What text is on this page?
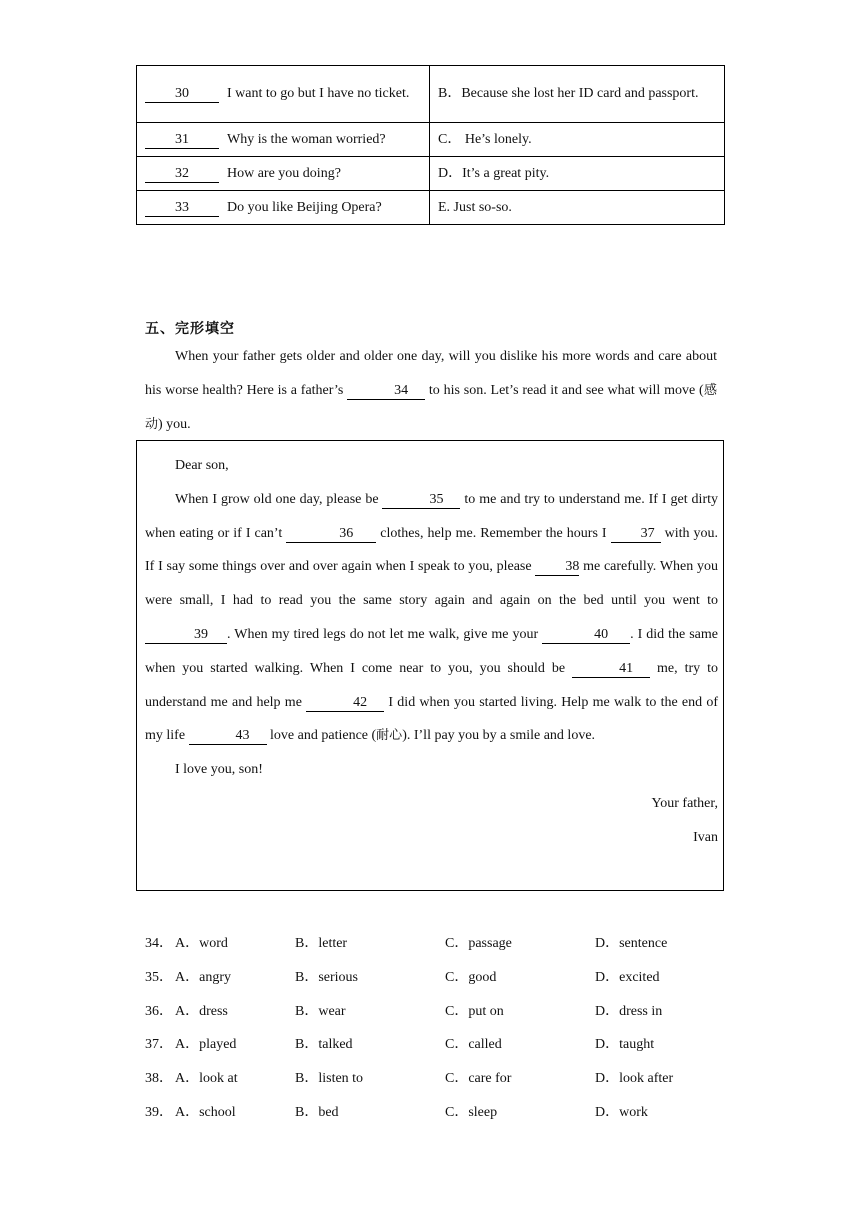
30 I want to go but I have no ticket.	B．Because she lost her ID card and passport.
31 Why is the woman worried?	C． He’s lonely.
32 How are you doing?	D．It’s a great pity.
33 Do you like Beijing Opera?	E. Just so-so.
五、完形填空
When your father gets older and older one day, will you dislike his more words and care about his worse health? Here is a father’s	34 to his son. Let’s read it and see what will move (感动) you.
Dear son,
When I grow old one day, please be	35 to me and try to understand me. If I get dirty when eating or if I can’t	36 clothes, help me. Remember the hours I 37 with you. If I say some things over and over again when I speak to you, please 38 me carefully. When you were small, I had to read you the same story again and again on the bed until you went to 39 . When my tired legs do not let me walk, give me your	40 . I did the same when you started walking. When I come near to you, you should be	41 me, try to understand me and help me	42 I did when you started living. Help me walk to the end of my life	43 love and patience (耐心). I’ll pay you by a smile and love.
I love you, son!
Your father,
Ivan
34． A．word	B．letter	C．passage	D．sentence
35． A．angry	B．serious	C．good	D．excited
36． A．dress	B．wear	C．put on	D．dress in
37． A．played	B．talked	C．called	D．taught
38． A．look at	B．listen to	C．care for	D．look after
39． A．school	B．bed	C．sleep	D．work
